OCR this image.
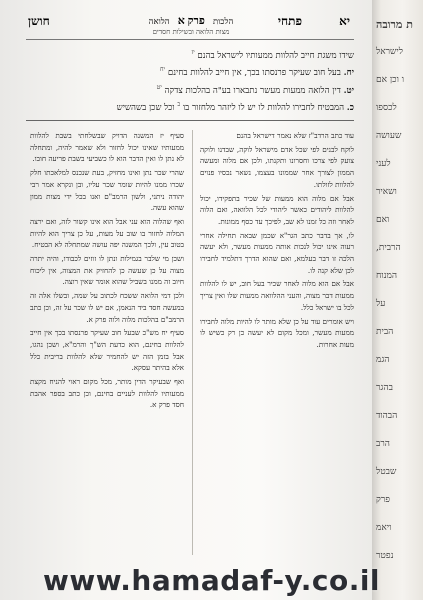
יא
פתחי
הלכות   פרק א   הלואה
מצות הלואה ובשילות חסדים
חושן

שידו משגת חייב להלוות ממעותיו לישראל בהנם $^{יז}$

יח. בעל חוב שעיקר פרנסתו בכך, אין חייב להלוות בחינם $^{יח}$

יט. דין הלואה ממעות מעשר נתבארו בע"ה בהלכות צדקה $^{יט}$

כ. המבטיח לחבירו להלוות לו יש לו ליזהר מלחזור בו $^כ$ וכל שכן בשהשיש

עוד כתב הרדב"ז שלא נאמר דישראל בהנם

לוקח לבנים לפי שכל אדם מישראל לוקה, שבדנו ולוקה צועק לפי צרכו וחסרונו ותקנתו, ולכן אם מלוה ומעשה הממון לצורך אחר שממונו בעצמו, נשאר נכסיו פנוים להלוות לזולתו.

אבל אם מלוה הוא ממעות של שכיר בתפקידו, יכול להלוות ליהודים כאשר ליהודי לכל הלוואה, ואם הלוה לאחר וזה כל זמנו לא שב, לפיכך עד כסף ממונות.

לו, אך בדבר כתב הגר"א שכמן שבאה תחילה אחרי רעוה אינו יכול לנכות אותה ממעות מעשר, ולא יעשה הלכה זו דבר בעלמא, ואם שהוא הדרך דתלמיד לחבירו לכן שלא קנה לו.

אבל אם הוא מלוה לאחר שכיר בעל חוב, יש לו להלוות ממעות דבר מצוה, והעני ההלוואה ממעות שלו ואין צריך לכל בו ישראל כלל.

ויש אומרים עוד על כן שלא מותר לו להיות מלוה לחבירו ממעות מעשר, ומכל מקום לא יעשה כן רק כשיש לו מעות אחרות.

סעיף יז המשנה הדויק שבשלחתי בשבת להלוות ממעותיו שאינו יכול לחזור ולא שאמר להיה, ומתחלה לא נתן לו ואין הדבר הוא לו כשביעי בשבת פריעה חובו.

שהרי שכר נתן ואינו מחזיק, בעת שנכנס למלאכתו חלק שכרו ממנו להיות שומר שכר עליו, ובן ונקרא אמר רבי יהודה ניתני, ולשון הרמב"ם ואנו בכל ידי מצות ממון שהוא עשה.

ואף שהלוה הוא עני אבל הוא אינו קשור לזה, ואם ירצה המלוה לחזור בו שוב על מעות, על כן צריך הוא להיות בטוב עין, ולכך המשנה יפה עושה שמתחלה לא הבטיח.

ושכן מי שלבר בגמילות ונתן לו זוזים לכבודו, והיה יתרה מצוה על כן שעשה כן להחזיק את המצוה, אין ליכוח חיוב זה ממנו בשביל שהוא אומר שאין רוצה.

ולכן דמי הלואה ששכח לכתוב על שמה, ובשלו אלה זה במעשה חסד ביד הנאמן, אם יש לו שכר על זה, וכן כתב הרמב"ם בהלכות מלוה ולוה פרק א.

סעיף יח מש"כ שבעל חוב שעיקר פרנסתו בכך אין חייב להלוות בחינם, הוא כדעת הש"ך והרמ"א, ושכן נהגו, אבל בזמן הזה יש להחמיר שלא להלוות בריבית כלל אלא בהיתר עסקא.

ואף שבעיקר הדין מותר, מכל מקום ראוי להניח מקצת ממעותיו להלוות לעניים בחינם, וכן כתב בספר אהבת חסד פרק א.

ת מרובה
לישראל
ו וכן אם
לכספו
שעושה
לעני
ושאיר
ואם
הרבית,
המנוח
על
הבית
הגמ
בהגר
הבהוד
הרב
שבטל
פרק
ויאמ
נפטר
www.hamadaf-y.co.il
